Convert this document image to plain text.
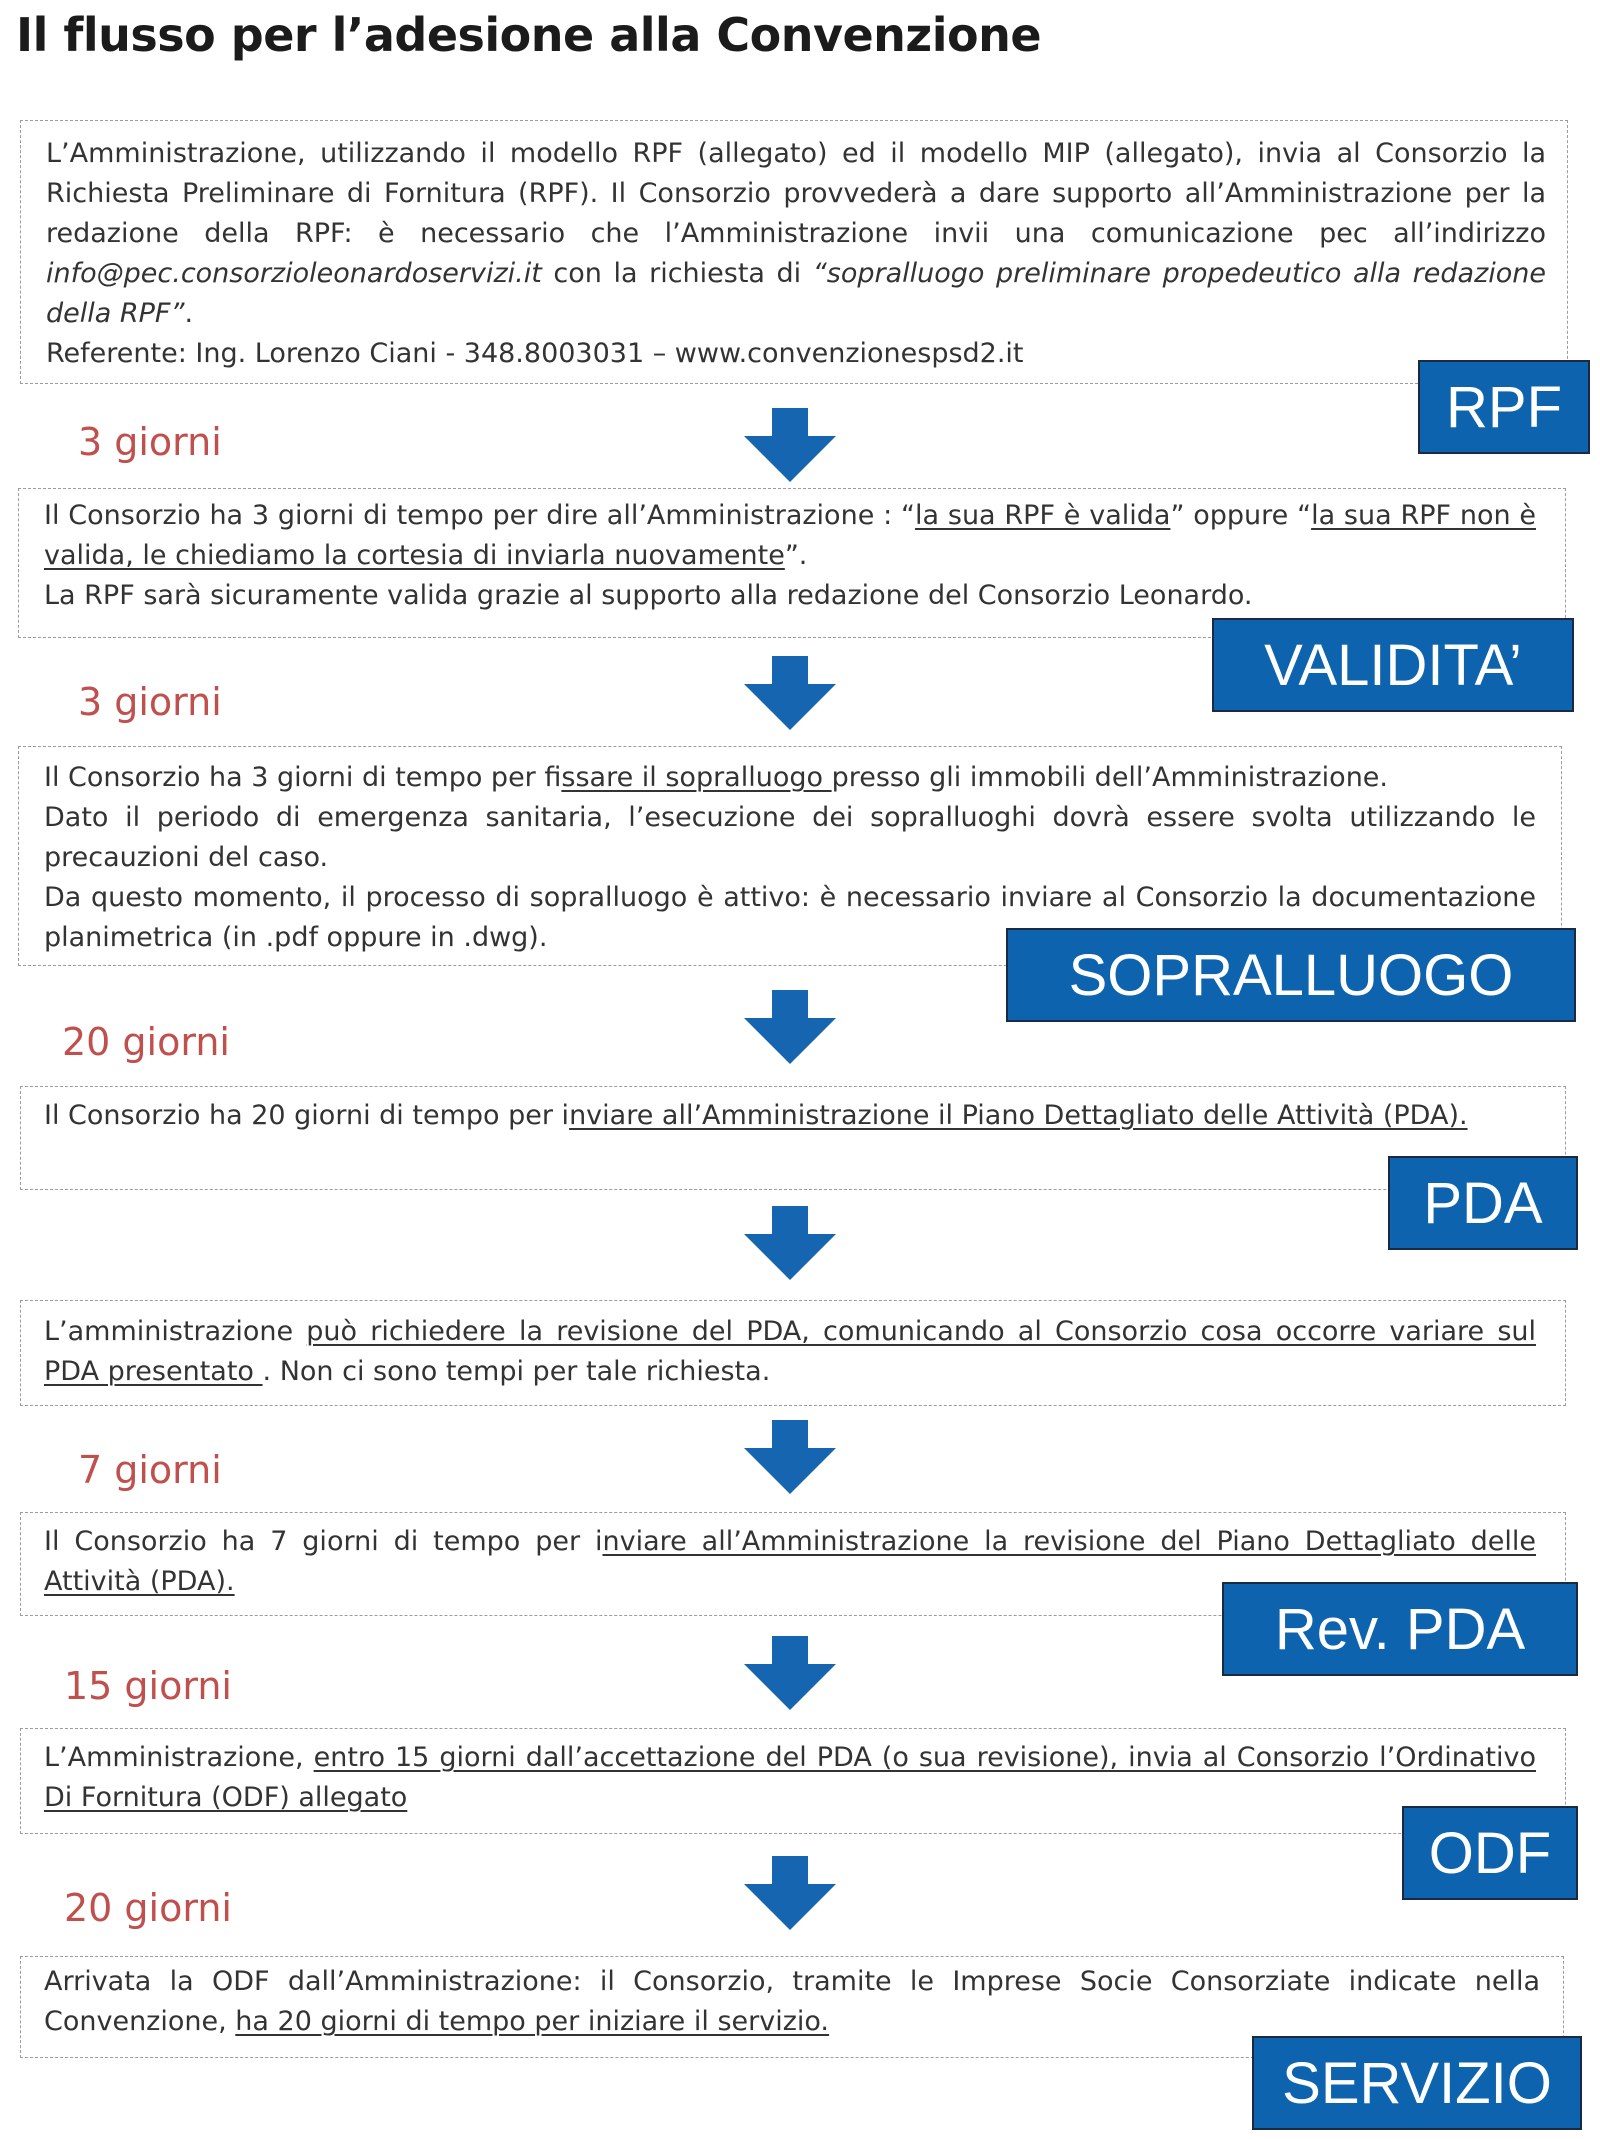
Il flusso per l’adesione alla Convenzione

L’Amministrazione, utilizzando il modello RPF (allegato) ed il modello MIP (allegato), invia al Consorzio la Richiesta Preliminare di Fornitura (RPF). Il Consorzio provvederà a dare supporto all’Amministrazione per la redazione della RPF: è necessario che l’Amministrazione invii una comunicazione pec all’indirizzo info@pec.consorzioleonardoservizi.it con la richiesta di “sopralluogo preliminare propedeutico alla redazione della RPF”.

Referente: Ing. Lorenzo Ciani - 348.8003031 – www.convenzionespsd2.it

RPF
3 giorni

Il Consorzio ha 3 giorni di tempo per dire all’Amministrazione : “la sua RPF è valida” oppure “la sua RPF non è valida, le chiediamo la cortesia di inviarla nuovamente”.

La RPF sarà sicuramente valida grazie al supporto alla redazione del Consorzio Leonardo.

VALIDITA’
3 giorni

Il Consorzio ha 3 giorni di tempo per fissare il sopralluogo presso gli immobili dell’Amministrazione.

Dato il periodo di emergenza sanitaria, l’esecuzione dei sopralluoghi dovrà essere svolta utilizzando le precauzioni del caso.

Da questo momento, il processo di sopralluogo è attivo: è necessario inviare al Consorzio la documentazione planimetrica (in .pdf oppure in .dwg).

SOPRALLUOGO
20 giorni

Il Consorzio ha 20 giorni di tempo per inviare all’Amministrazione il Piano Dettagliato delle Attività (PDA).

PDA

L’amministrazione può richiedere la revisione del PDA, comunicando al Consorzio cosa occorre variare sul PDA presentato . Non ci sono tempi per tale richiesta.

7 giorni

Il Consorzio ha 7 giorni di tempo per inviare all’Amministrazione la revisione del Piano Dettagliato delle Attività (PDA).

Rev. PDA
15 giorni

L’Amministrazione, entro 15 giorni dall’accettazione del PDA (o sua revisione), invia al Consorzio l’Ordinativo Di Fornitura (ODF) allegato

ODF
20 giorni

Arrivata la ODF dall’Amministrazione: il Consorzio, tramite le Imprese Socie Consorziate indicate nella Convenzione, ha 20 giorni di tempo per iniziare il servizio.

SERVIZIO
